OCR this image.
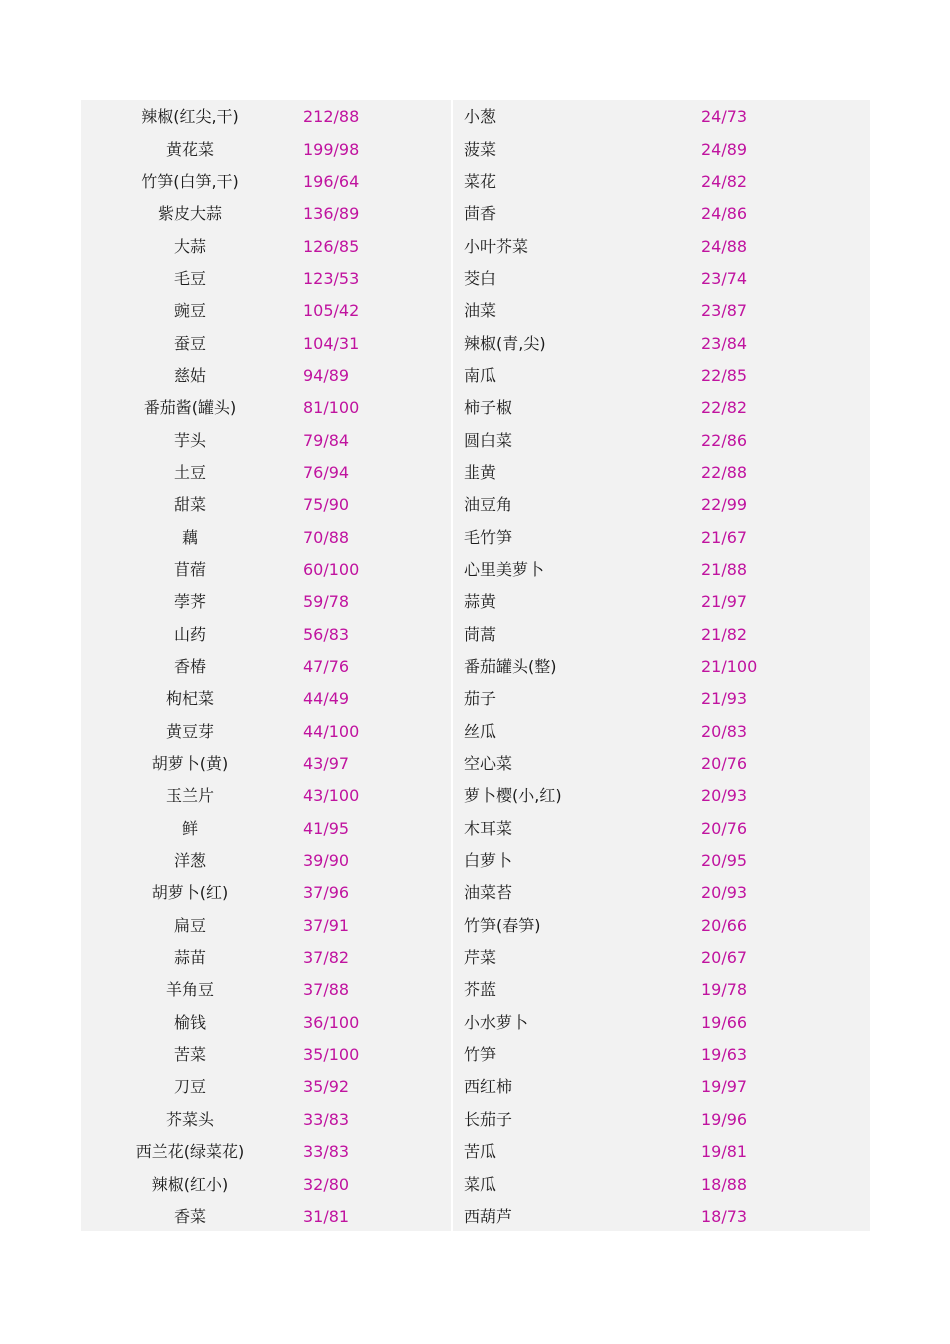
辣椒(红尖,干)	212/88
黄花菜	199/98
竹笋(白笋,干)	196/64
紫皮大蒜	136/89
大蒜	126/85
毛豆	123/53
豌豆	105/42
蚕豆	104/31
慈姑	94/89
番茄酱(罐头)	81/100
芋头	79/84
土豆	76/94
甜菜	75/90
藕	70/88
苜蓿	60/100
荸荠	59/78
山药	56/83
香椿	47/76
枸杞菜	44/49
黄豆芽	44/100
胡萝卜(黄)	43/97
玉兰片	43/100
鲜	41/95
洋葱	39/90
胡萝卜(红)	37/96
扁豆	37/91
蒜苗	37/82
羊角豆	37/88
榆钱	36/100
苦菜	35/100
刀豆	35/92
芥菜头	33/83
西兰花(绿菜花)	33/83
辣椒(红小)	32/80
香菜	31/81
小葱	24/73
菠菜	24/89
菜花	24/82
茴香	24/86
小叶芥菜	24/88
茭白	23/74
油菜	23/87
辣椒(青,尖)	23/84
南瓜	22/85
柿子椒	22/82
圆白菜	22/86
韭黄	22/88
油豆角	22/99
毛竹笋	21/67
心里美萝卜	21/88
蒜黄	21/97
茼蒿	21/82
番茄罐头(整)	21/100
茄子	21/93
丝瓜	20/83
空心菜	20/76
萝卜樱(小,红)	20/93
木耳菜	20/76
白萝卜	20/95
油菜苔	20/93
竹笋(春笋)	20/66
芹菜	20/67
芥蓝	19/78
小水萝卜	19/66
竹笋	19/63
西红柿	19/97
长茄子	19/96
苦瓜	19/81
菜瓜	18/88
西葫芦	18/73
